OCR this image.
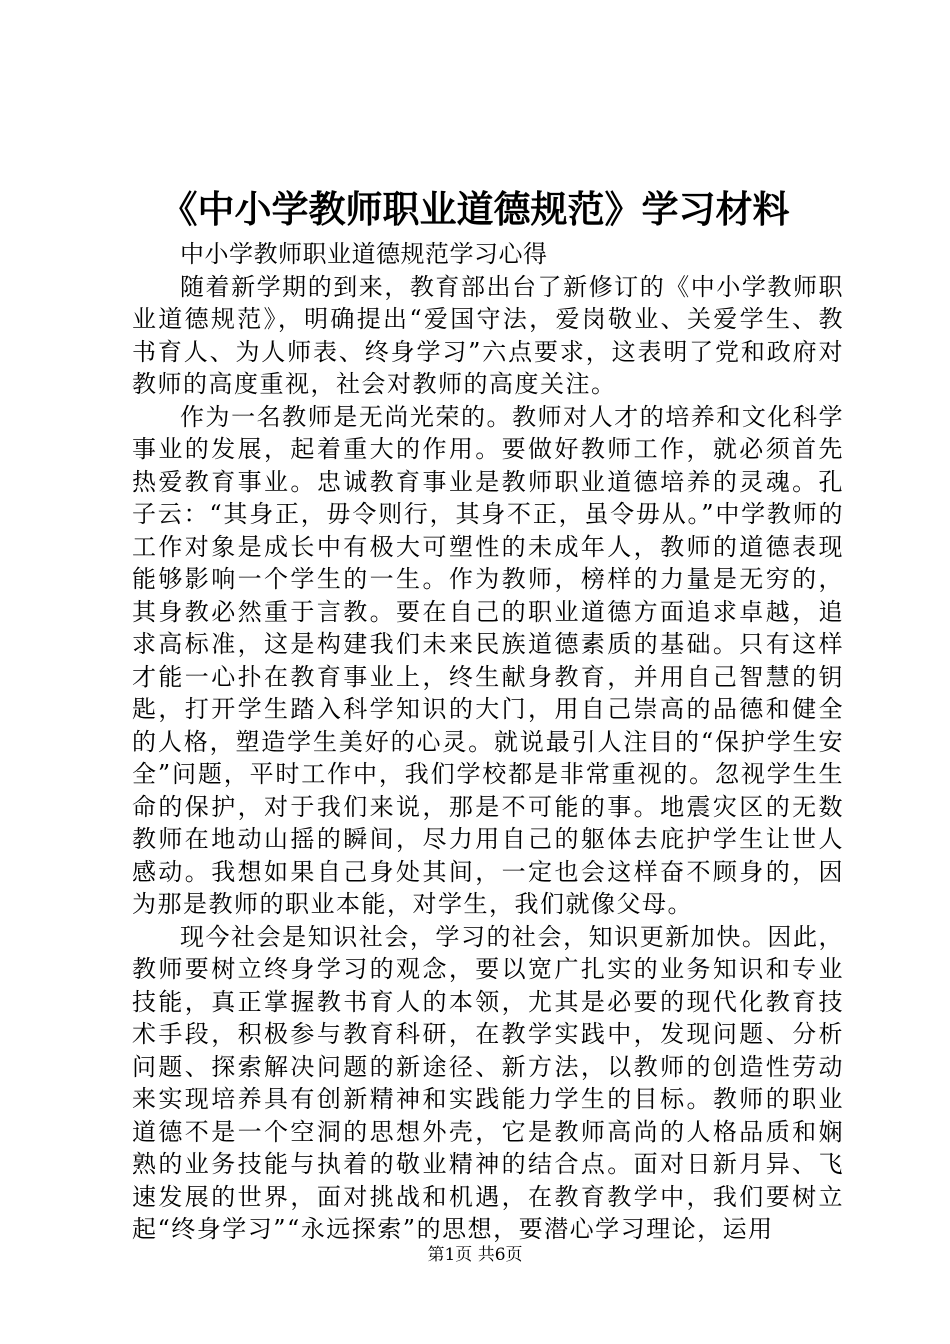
《中小学教师职业道德规范》学习材料

中小学教师职业道德规范学习心得

随着新学期的到来，教育部出台了新修订的《中小学教师职业道德规范》，明确提出“爱国守法，爱岗敬业、关爱学生、教书育人、为人师表、终身学习”六点要求，这表明了党和政府对教师的高度重视，社会对教师的高度关注。

作为一名教师是无尚光荣的。教师对人才的培养和文化科学事业的发展，起着重大的作用。要做好教师工作，就必须首先热爱教育事业。忠诚教育事业是教师职业道德培养的灵魂。孔子云：“其身正，毋令则行，其身不正，虽令毋从。”中学教师的工作对象是成长中有极大可塑性的未成年人，教师的道德表现能够影响一个学生的一生。作为教师，榜样的力量是无穷的，其身教必然重于言教。要在自己的职业道德方面追求卓越，追求高标准，这是构建我们未来民族道德素质的基础。只有这样才能一心扑在教育事业上，终生献身教育，并用自己智慧的钥匙，打开学生踏入科学知识的大门，用自己崇高的品德和健全的人格，塑造学生美好的心灵。就说最引人注目的“保护学生安全”问题，平时工作中，我们学校都是非常重视的。忽视学生生命的保护，对于我们来说，那是不可能的事。地震灾区的无数教师在地动山摇的瞬间，尽力用自己的躯体去庇护学生让世人感动。我想如果自己身处其间，一定也会这样奋不顾身的，因为那是教师的职业本能，对学生，我们就像父母。

现今社会是知识社会，学习的社会，知识更新加快。因此，教师要树立终身学习的观念，要以宽广扎实的业务知识和专业技能，真正掌握教书育人的本领，尤其是必要的现代化教育技术手段，积极参与教育科研，在教学实践中，发现问题、分析问题、探索解决问题的新途径、新方法，以教师的创造性劳动来实现培养具有创新精神和实践能力学生的目标。教师的职业道德不是一个空洞的思想外壳，它是教师高尚的人格品质和娴熟的业务技能与执着的敬业精神的结合点。面对日新月异、飞速发展的世界，面对挑战和机遇，在教育教学中，我们要树立起“终身学习”“永远探索”的思想，要潜心学习理论，运用

第1页 共6页
